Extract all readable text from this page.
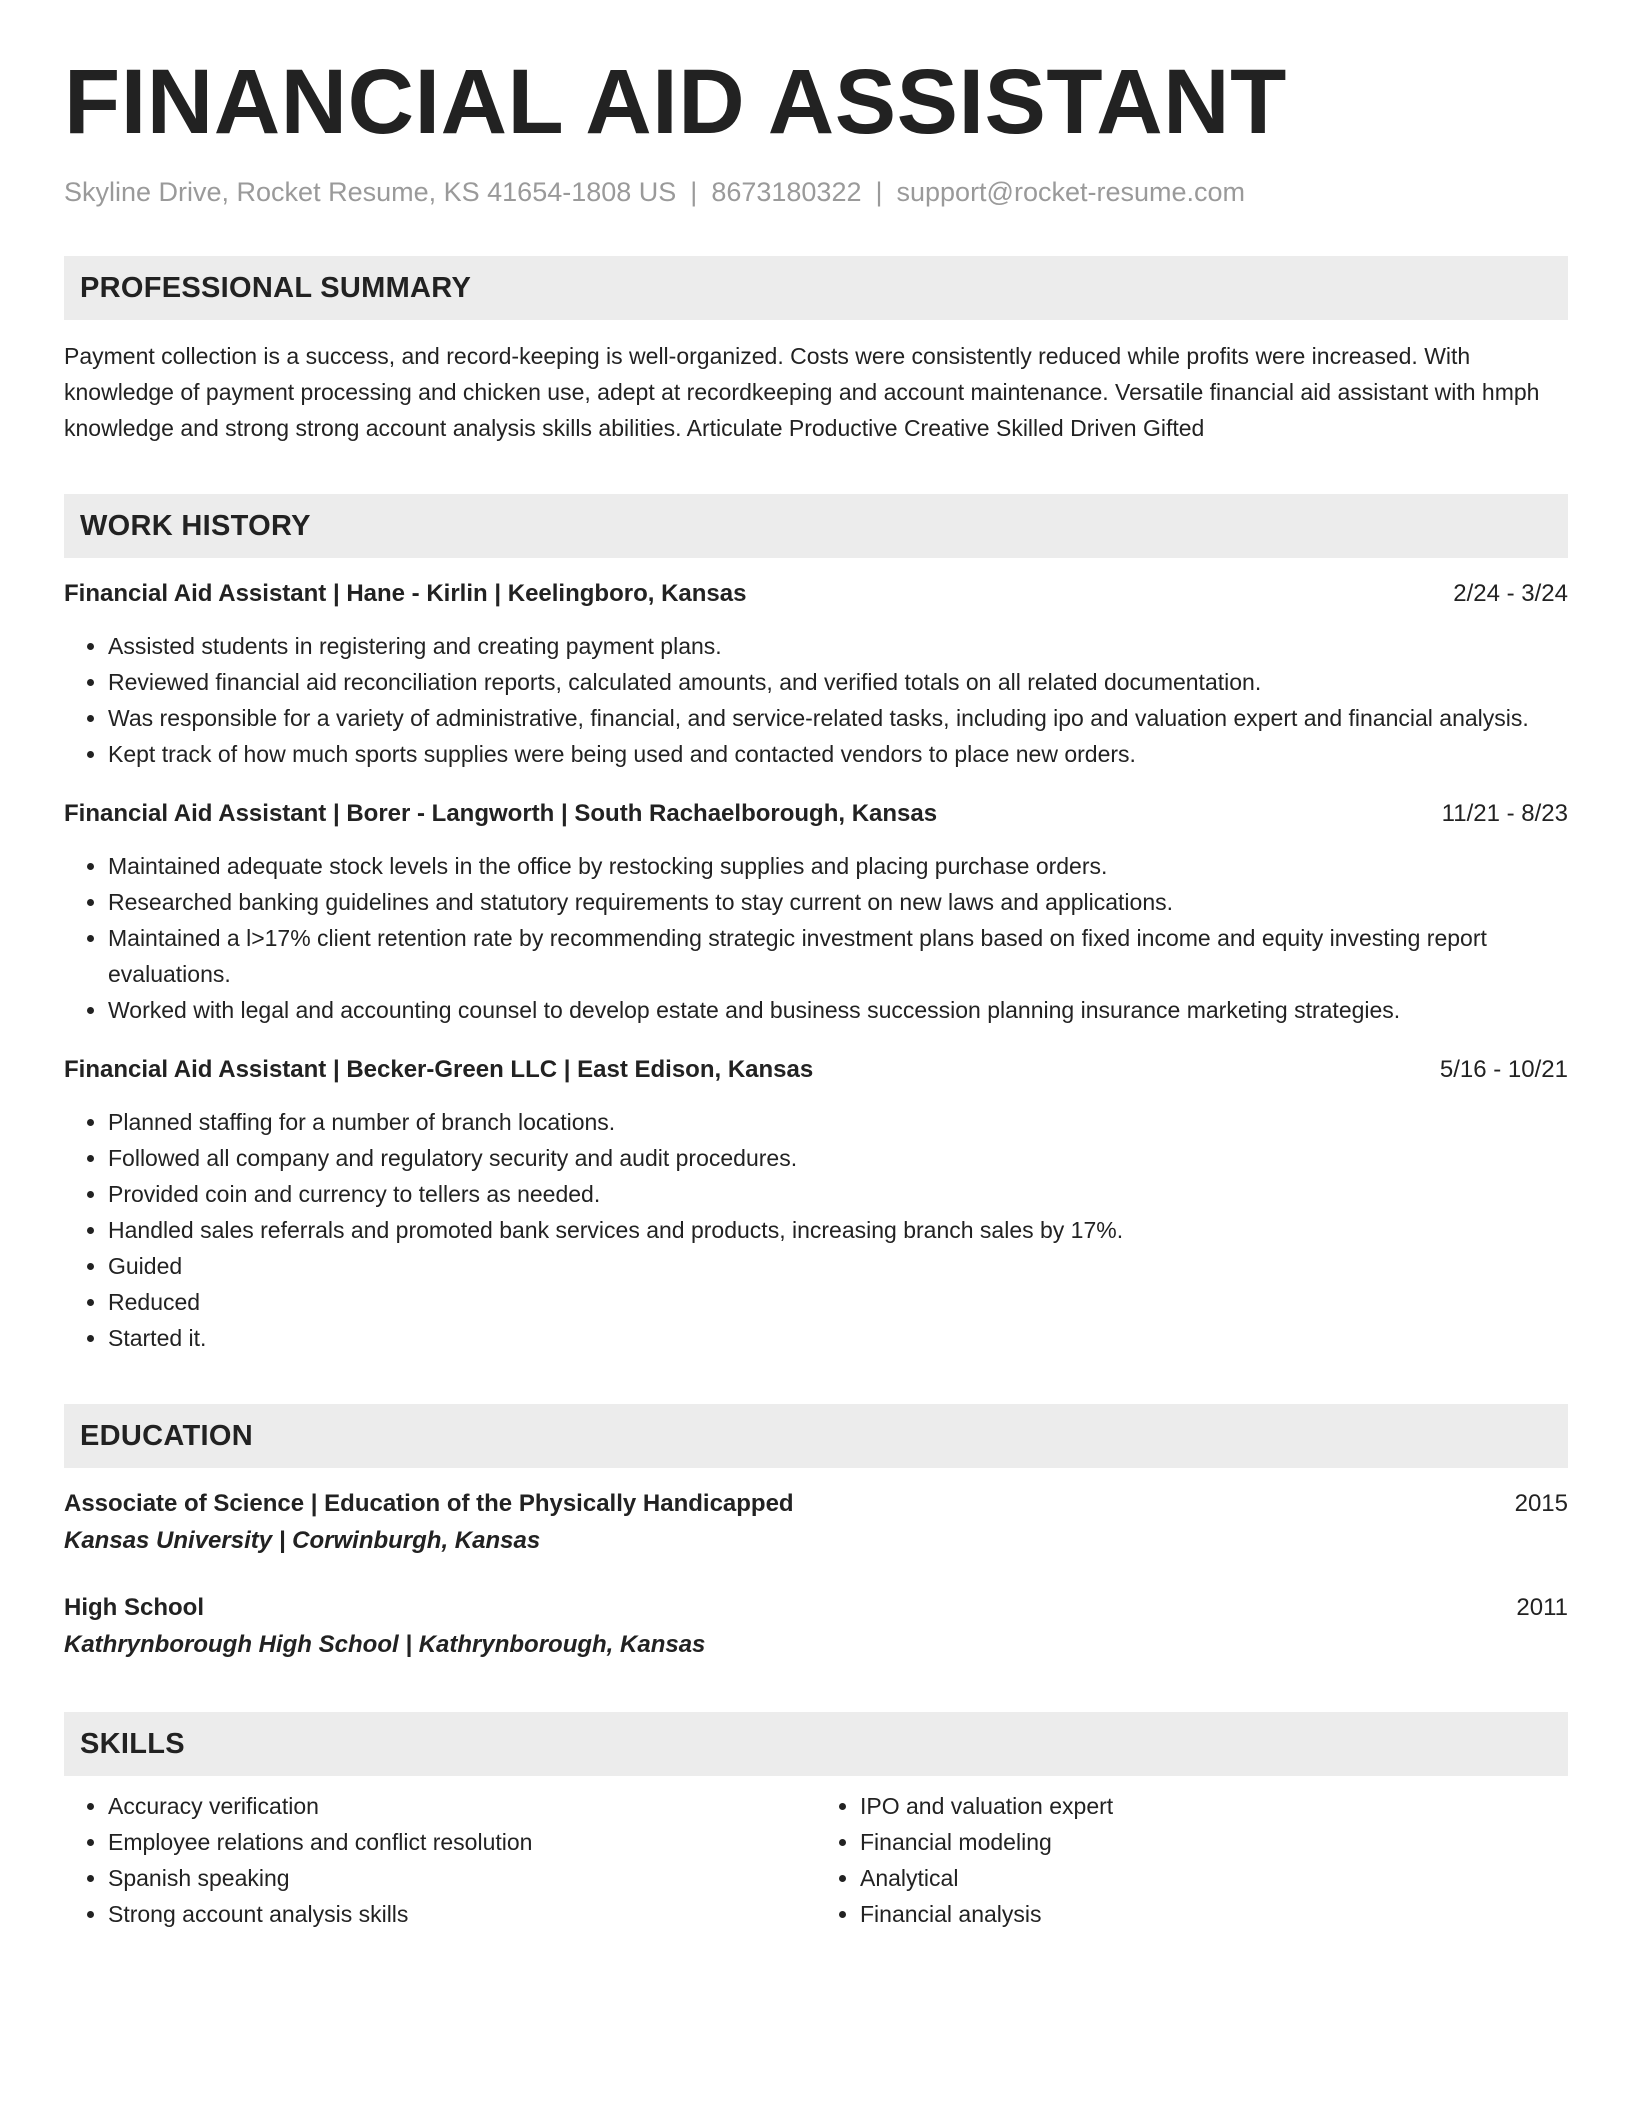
FINANCIAL AID ASSISTANT
Skyline Drive, Rocket Resume, KS 41654-1808 US | 8673180322 | support@rocket-resume.com
PROFESSIONAL SUMMARY
Payment collection is a success, and record-keeping is well-organized. Costs were consistently reduced while profits were increased. With knowledge of payment processing and chicken use, adept at recordkeeping and account maintenance. Versatile financial aid assistant with hmph knowledge and strong strong account analysis skills abilities. Articulate Productive Creative Skilled Driven Gifted
WORK HISTORY
Financial Aid Assistant | Hane - Kirlin | Keelingboro, Kansas	2/24 - 3/24
• Assisted students in registering and creating payment plans.
• Reviewed financial aid reconciliation reports, calculated amounts, and verified totals on all related documentation.
• Was responsible for a variety of administrative, financial, and service-related tasks, including ipo and valuation expert and financial analysis.
• Kept track of how much sports supplies were being used and contacted vendors to place new orders.
Financial Aid Assistant | Borer - Langworth | South Rachaelborough, Kansas	11/21 - 8/23
• Maintained adequate stock levels in the office by restocking supplies and placing purchase orders.
• Researched banking guidelines and statutory requirements to stay current on new laws and applications.
• Maintained a l>17% client retention rate by recommending strategic investment plans based on fixed income and equity investing report evaluations.
• Worked with legal and accounting counsel to develop estate and business succession planning insurance marketing strategies.
Financial Aid Assistant | Becker-Green LLC | East Edison, Kansas	5/16 - 10/21
• Planned staffing for a number of branch locations.
• Followed all company and regulatory security and audit procedures.
• Provided coin and currency to tellers as needed.
• Handled sales referrals and promoted bank services and products, increasing branch sales by 17%.
• Guided
• Reduced
• Started it.
EDUCATION
Associate of Science | Education of the Physically Handicapped	2015
Kansas University | Corwinburgh, Kansas
High School	2011
Kathrynborough High School | Kathrynborough, Kansas
SKILLS
• Accuracy verification
• Employee relations and conflict resolution
• Spanish speaking
• Strong account analysis skills
• IPO and valuation expert
• Financial modeling
• Analytical
• Financial analysis
